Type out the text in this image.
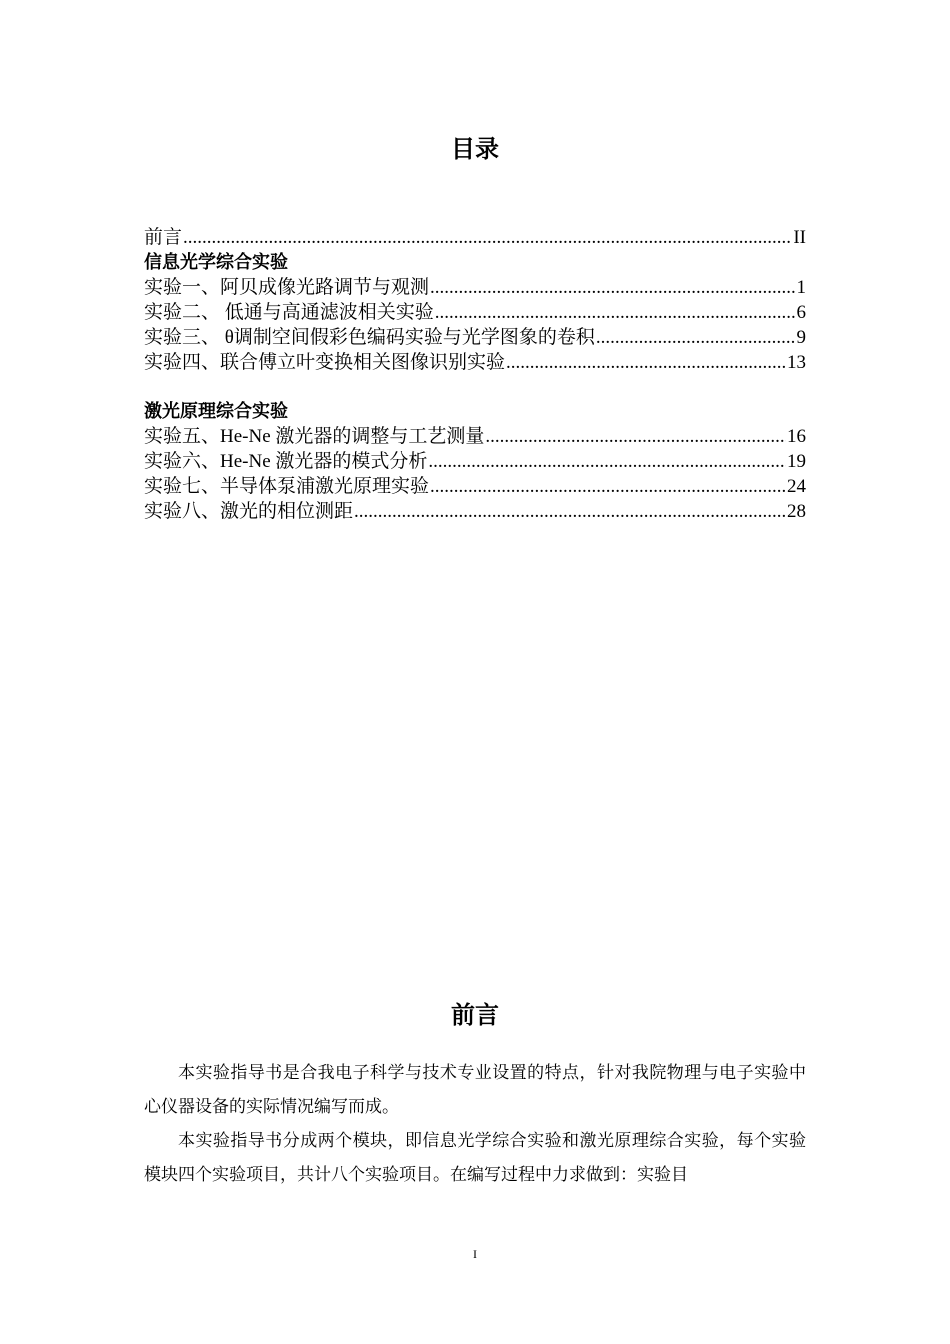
目录
前言 .....	II
信息光学综合实验
实验一、阿贝成像光路调节与观测 .....	1
实验二、 低通与高通滤波相关实验 .....	6
实验三、 θ调制空间假彩色编码实验与光学图象的卷积 .....	9
实验四、联合傅立叶变换相关图像识别实验 .....	13
激光原理综合实验
实验五、He-Ne 激光器的调整与工艺测量 .....	16
实验六、He-Ne 激光器的模式分析 .....	19
实验七、半导体泵浦激光原理实验 .....	24
实验八、激光的相位测距 .....	28
前言

本实验指导书是合我电子科学与技术专业设置的特点，针对我院物理与电子实验中心仪器设备的实际情况编写而成。

本实验指导书分成两个模块，即信息光学综合实验和激光原理综合实验，每个实验模块四个实验项目，共计八个实验项目。在编写过程中力求做到：实验目

I
